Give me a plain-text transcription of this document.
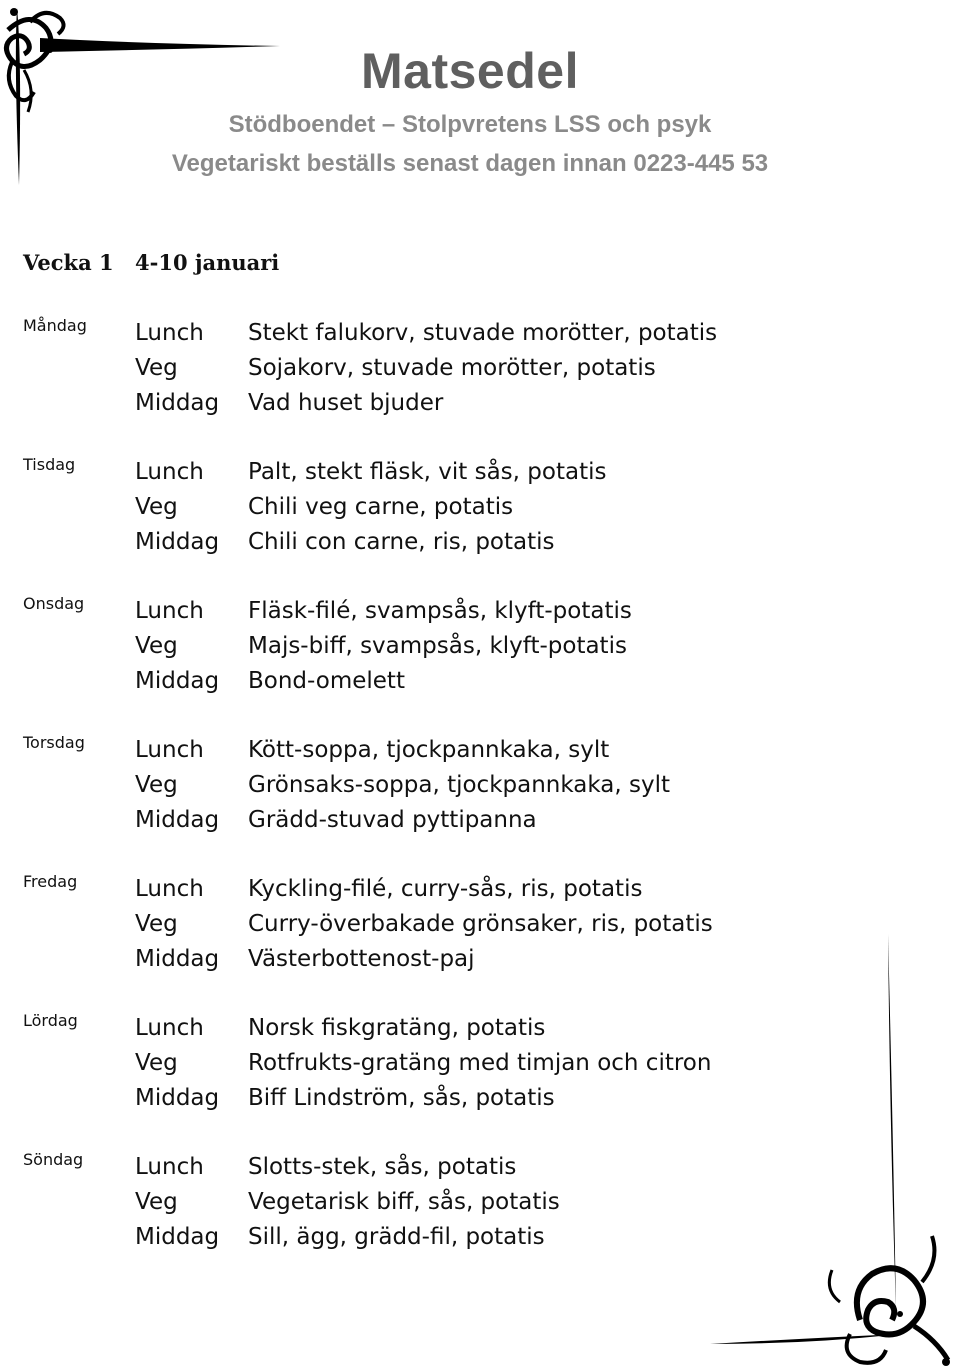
Matsedel
Stödboendet – Stolpvretens LSS och psyk
Vegetariskt beställs senast dagen innan 0223-445 53
Vecka 1 4-10 januari
Måndag Lunch Stekt falukorv, stuvade morötter, potatis
Veg	Sojakorv, stuvade morötter, potatis
Middag Vad huset bjuder
Tisdag	Lunch Palt, stekt fläsk, vit sås, potatis
Veg	Chili veg carne, potatis
Middag Chili con carne, ris, potatis
Onsdag Lunch Fläsk-filé, svampsås, klyft-potatis
Veg	Majs-biff, svampsås, klyft-potatis
Middag Bond-omelett
Torsdag Lunch Kött-soppa, tjockpannkaka, sylt
Veg	Grönsaks-soppa, tjockpannkaka, sylt
Middag Grädd-stuvad pyttipanna
Fredag	Lunch Kyckling-filé, curry-sås, ris, potatis
Veg	Curry-överbakade grönsaker, ris, potatis
Middag Västerbottenost-paj
Lördag Lunch Norsk fiskgratäng, potatis
Veg	Rotfrukts-gratäng med timjan och citron
Middag Biff Lindström, sås, potatis
Söndag Lunch Slotts-stek, sås, potatis
Veg	Vegetarisk biff, sås, potatis
Middag Sill, ägg, grädd-fil, potatis
